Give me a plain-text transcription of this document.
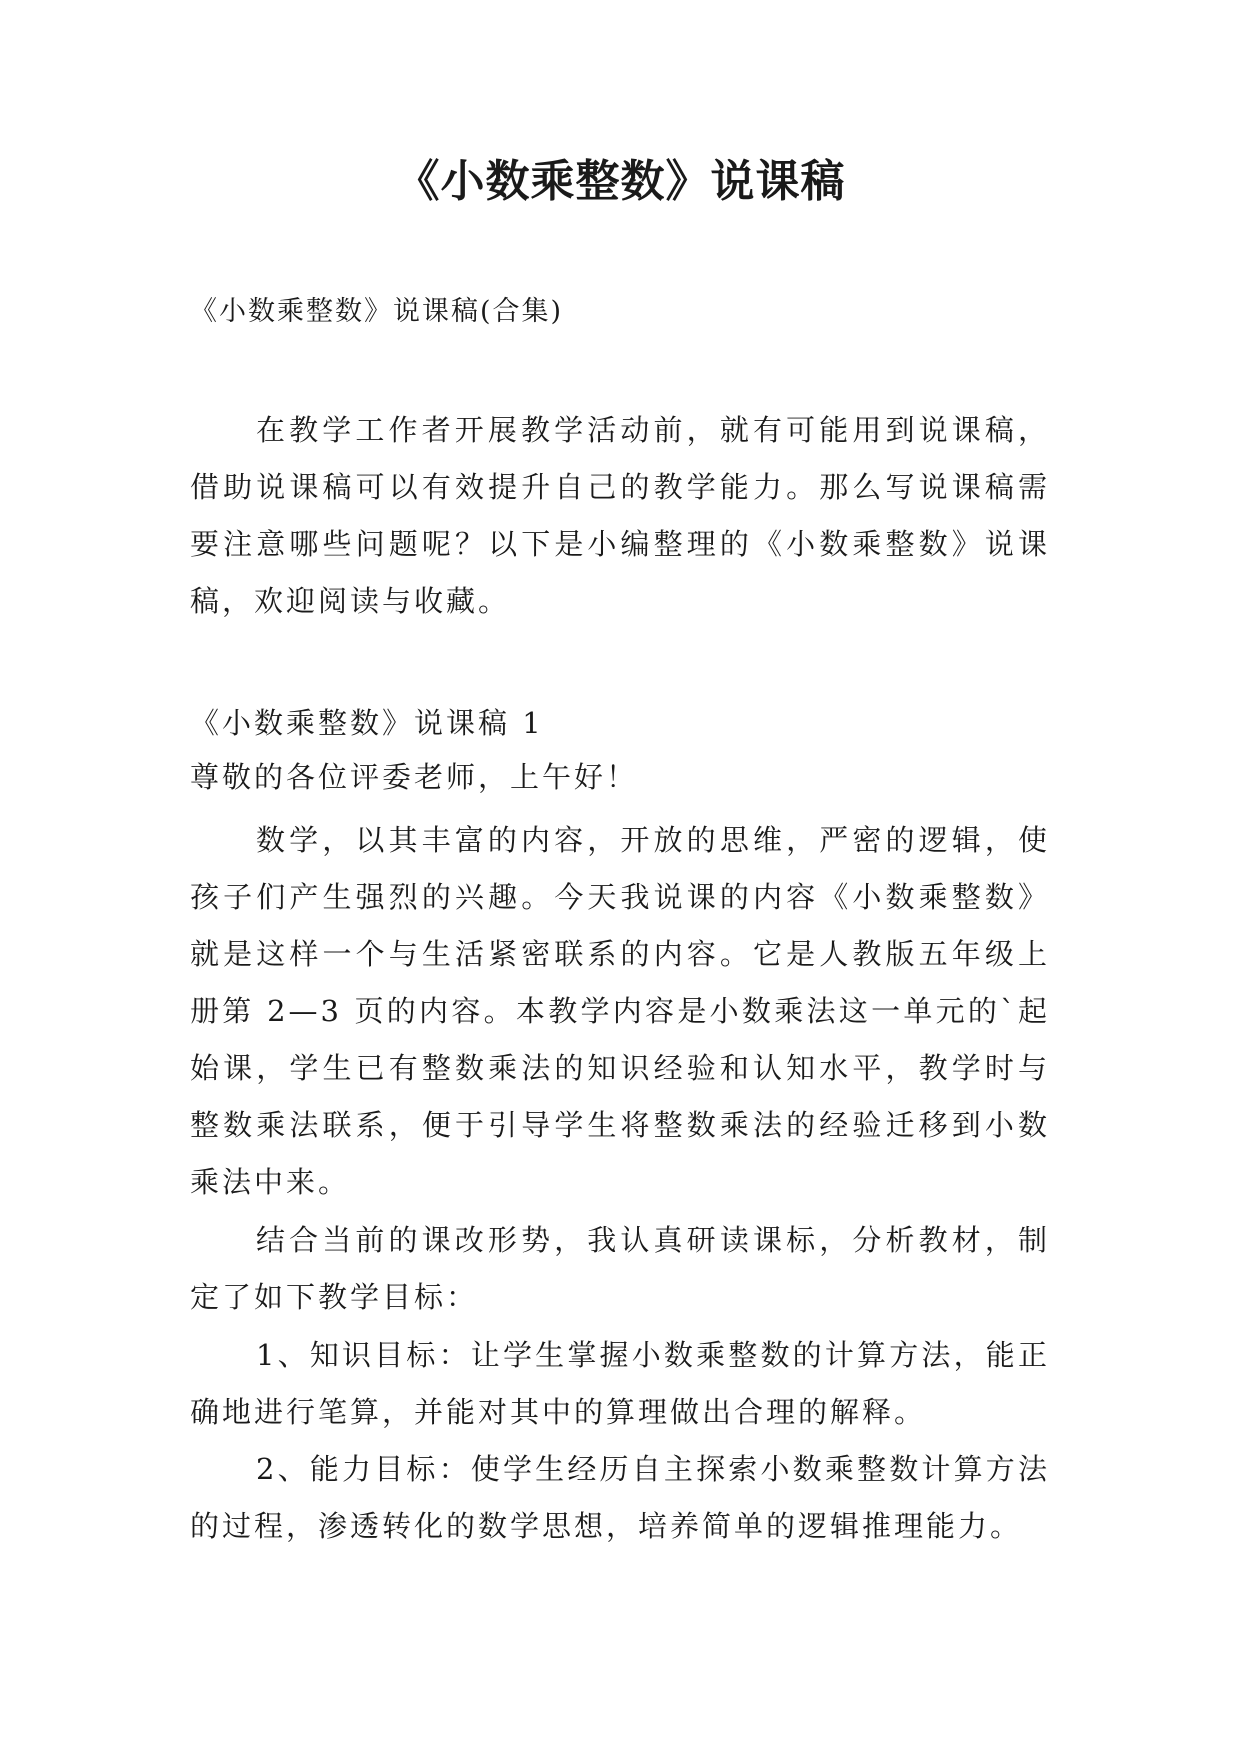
《小数乘整数》说课稿
《小数乘整数》说课稿(合集)
在教学工作者开展教学活动前，就有可能用到说课稿，借助说课稿可以有效提升自己的教学能力。那么写说课稿需要注意哪些问题呢？以下是小编整理的《小数乘整数》说课稿，欢迎阅读与收藏。
《小数乘整数》说课稿 1
尊敬的各位评委老师，上午好！
数学，以其丰富的内容，开放的思维，严密的逻辑，使孩子们产生强烈的兴趣。今天我说课的内容《小数乘整数》就是这样一个与生活紧密联系的内容。它是人教版五年级上册第 2—3 页的内容。本教学内容是小数乘法这一单元的`起始课，学生已有整数乘法的知识经验和认知水平，教学时与整数乘法联系，便于引导学生将整数乘法的经验迁移到小数乘法中来。
结合当前的课改形势，我认真研读课标，分析教材，制定了如下教学目标：
1、知识目标：让学生掌握小数乘整数的计算方法，能正确地进行笔算，并能对其中的算理做出合理的解释。
2、能力目标：使学生经历自主探索小数乘整数计算方法的过程，渗透转化的数学思想，培养简单的逻辑推理能力。
